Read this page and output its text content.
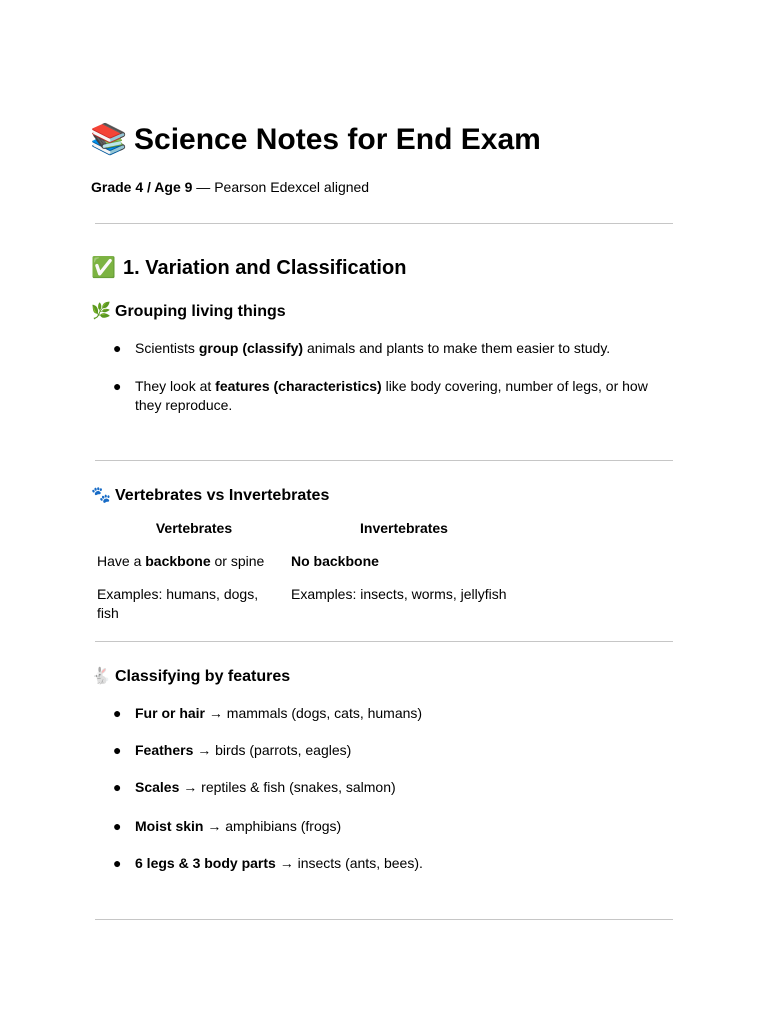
📚 Science Notes for End Exam

Grade 4 / Age 9 — Pearson Edexcel aligned

✅ 1. Variation and Classification
🌿 Grouping living things
● Scientists group (classify) animals and plants to make them easier to study.
● They look at features (characteristics) like body covering, number of legs, or how they reproduce.
🐾 Vertebrates vs Invertebrates
Vertebrates	Invertebrates
Have a backbone or spine	No backbone
Examples: humans, dogs, fish	Examples: insects, worms, jellyfish
🐇 Classifying by features
● Fur or hair → mammals (dogs, cats, humans)
● Feathers → birds (parrots, eagles)
● Scales → reptiles & fish (snakes, salmon)
● Moist skin → amphibians (frogs)
● 6 legs & 3 body parts → insects (ants, bees).
